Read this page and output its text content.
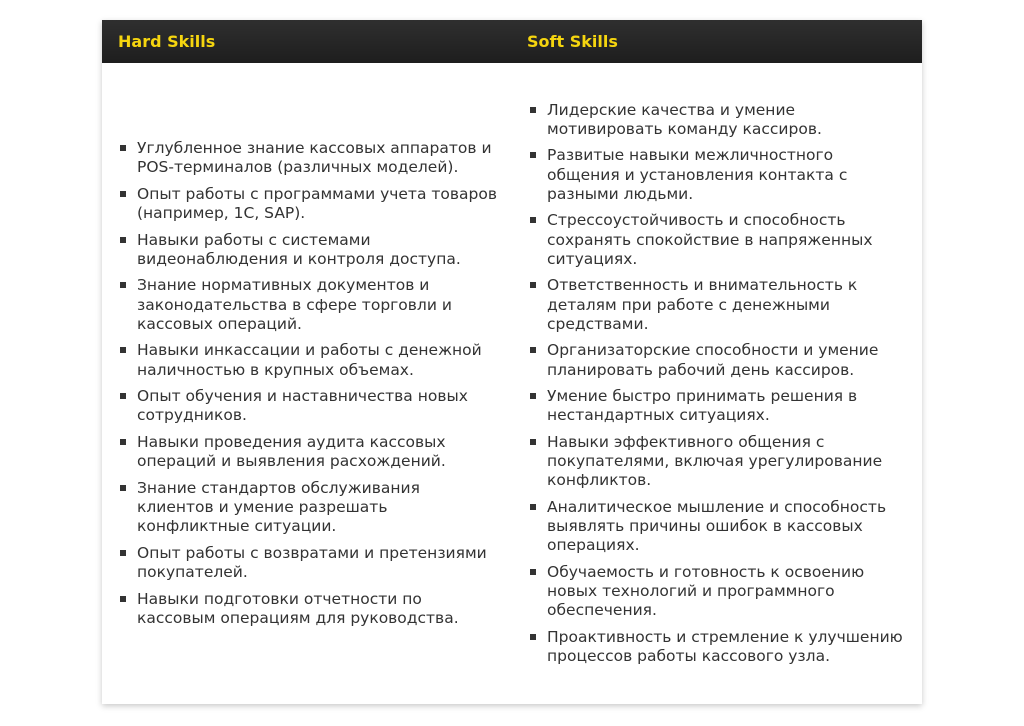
Hard Skills	Soft Skills
Углубленное знание кассовых аппаратов и POS-терминалов (различных моделей).
Опыт работы с программами учета товаров (например, 1С, SAP).
Навыки работы с системами видеонаблюдения и контроля доступа.
Знание нормативных документов и законодательства в сфере торговли и кассовых операций.
Навыки инкассации и работы с денежной наличностью в крупных объемах.
Опыт обучения и наставничества новых сотрудников.
Навыки проведения аудита кассовых операций и выявления расхождений.
Знание стандартов обслуживания клиентов и умение разрешать конфликтные ситуации.
Опыт работы с возвратами и претензиями покупателей.
Навыки подготовки отчетности по кассовым операциям для руководства.
Лидерские качества и умение мотивировать команду кассиров.
Развитые навыки межличностного общения и установления контакта с разными людьми.
Стрессоустойчивость и способность сохранять спокойствие в напряженных ситуациях.
Ответственность и внимательность к деталям при работе с денежными средствами.
Организаторские способности и умение планировать рабочий день кассиров.
Умение быстро принимать решения в нестандартных ситуациях.
Навыки эффективного общения с покупателями, включая урегулирование конфликтов.
Аналитическое мышление и способность выявлять причины ошибок в кассовых операциях.
Обучаемость и готовность к освоению новых технологий и программного обеспечения.
Проактивность и стремление к улучшению процессов работы кассового узла.
